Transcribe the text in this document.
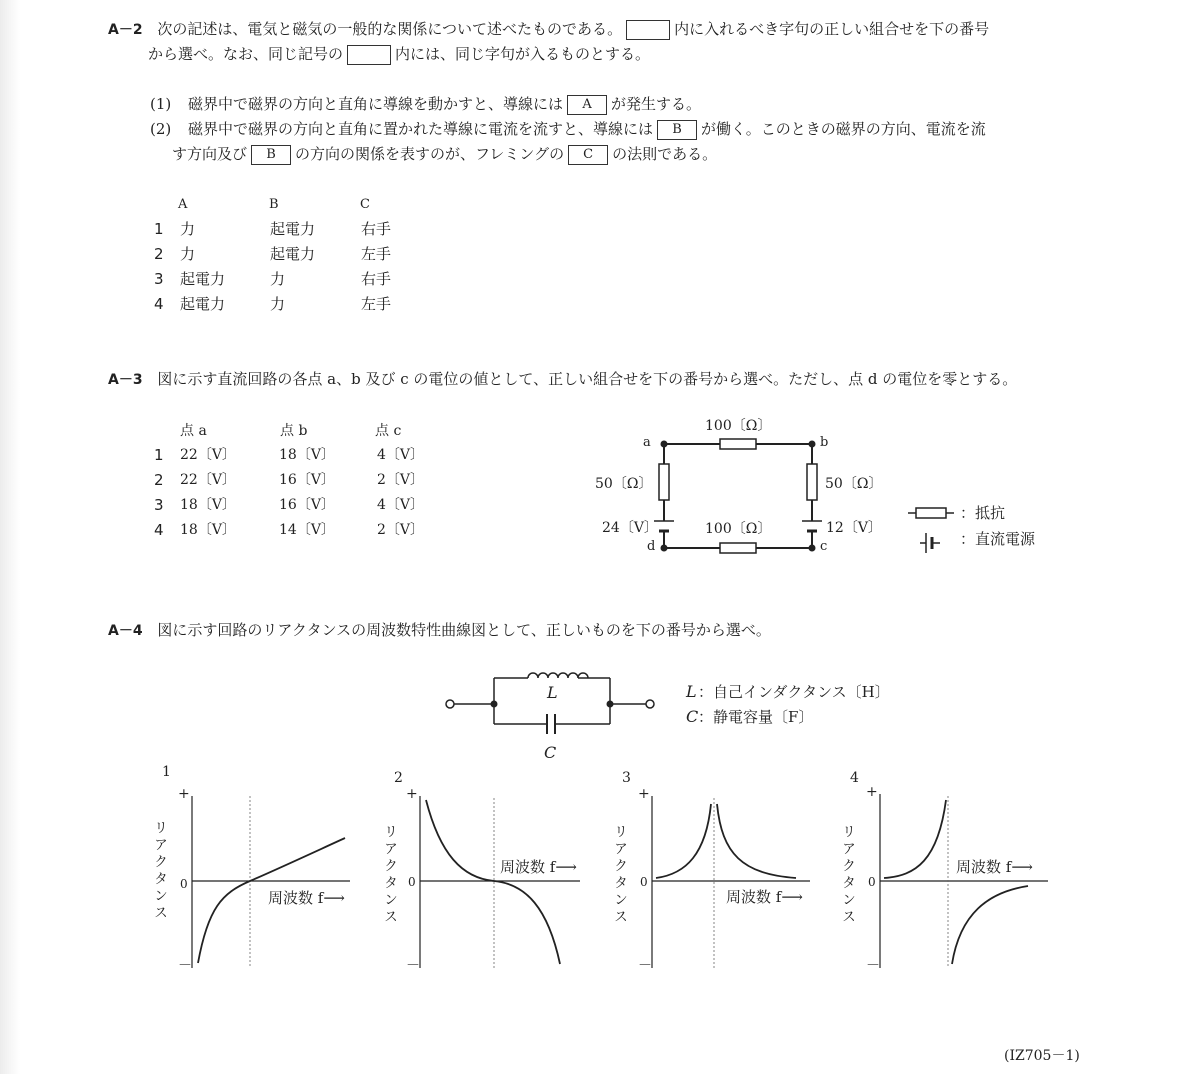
A－2 次の記述は、電気と磁気の一般的な関係について述べたものである。	内に入れるべき字句の正しい組合せを下の番号
から選べ。なお、同じ記号の	内には、同じ字句が入るものとする。
(1) 磁界中で磁界の方向と直角に導線を動かすと、導線には A が発生する。
(2) 磁界中で磁界の方向と直角に置かれた導線に電流を流すと、導線には B が働く。このときの磁界の方向、電流を流
す方向及び B の方向の関係を表すのが、フレミングの C の法則である。
A	B	C
1 力	起電力	右手
2 力	起電力	左手
3 起電力	力	右手
4 起電力	力	左手
A－3 図に示す直流回路の各点 a、b 及び c の電位の値として、正しい組合せを下の番号から選べ。ただし、点 d の電位を零とする。
点 a	点 b	点 c
1 22〔V〕	18〔V〕	4〔V〕
2 22〔V〕	16〔V〕	2〔V〕
3 18〔V〕	16〔V〕	4〔V〕
4 18〔V〕	14〔V〕	2〔V〕
100〔Ω〕
100〔Ω〕
50〔Ω〕	50〔Ω〕
24〔V〕	12〔V〕
a	b
c
d
：抵抗
：直流電源
A－4 図に示す回路のリアクタンスの周波数特性曲線図として、正しいものを下の番号から選べ。
L
C
L ：自己インダクタンス〔H〕
C ：静電容量〔F〕
1
+
－
0
リアクタンス	周波数 f⟶
2
+
－
0
リアクタンス	周波数 f⟶
3
+
－
0
リアクタンス	周波数 f⟶
4
+
－
0
リアクタンス	周波数 f⟶
(IZ705－1)
